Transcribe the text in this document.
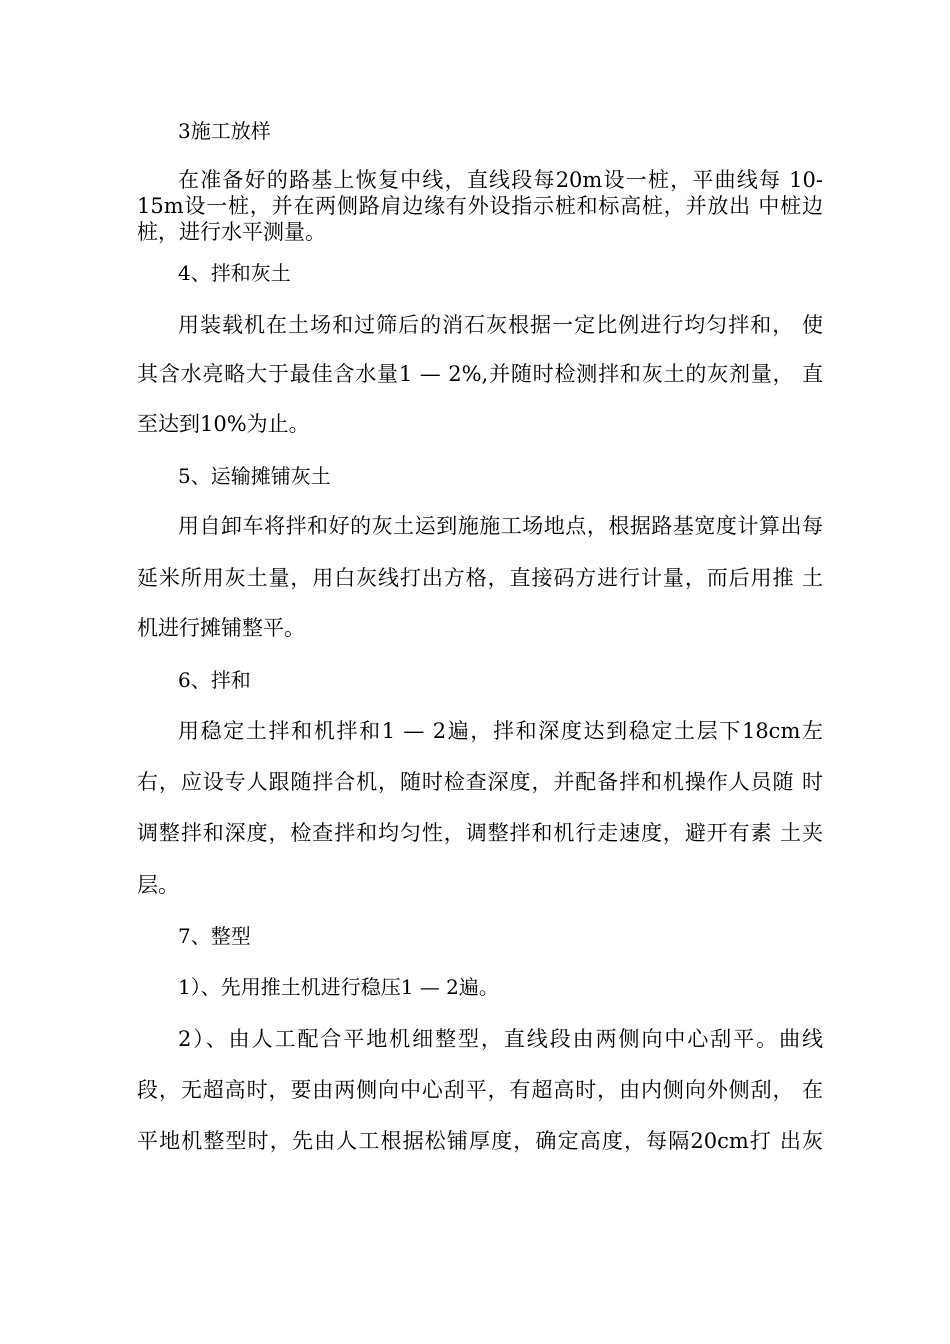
3施工放样
在准备好的路基上恢复中线，直线段每20m设一桩，平曲线每 10-
15m设一桩，并在两侧路肩边缘有外设指示桩和标高桩，并放出 中桩边
桩，进行水平测量。
4、拌和灰土
用装载机在土场和过筛后的消石灰根据一定比例进行均匀拌和， 使
其含水亮略大于最佳含水量1 — 2%,并随时检测拌和灰土的灰剂量， 直
至达到10%为止。
5、运输摊铺灰土
用自卸车将拌和好的灰土运到施施工场地点，根据路基宽度计算出每
延米所用灰土量，用白灰线打出方格，直接码方进行计量，而后用推 土
机进行摊铺整平。
6、拌和
用稳定土拌和机拌和1 — 2遍，拌和深度达到稳定土层下18cm左
右，应设专人跟随拌合机，随时检查深度，并配备拌和机操作人员随 时
调整拌和深度，检查拌和均匀性，调整拌和机行走速度，避开有素 土夹
层。
7、整型
1）、先用推土机进行稳压1 — 2遍。
2）、由人工配合平地机细整型，直线段由两侧向中心刮平。曲线
段，无超高时，要由两侧向中心刮平，有超高时，由内侧向外侧刮， 在
平地机整型时，先由人工根据松铺厚度，确定高度，每隔20cm打 出灰
